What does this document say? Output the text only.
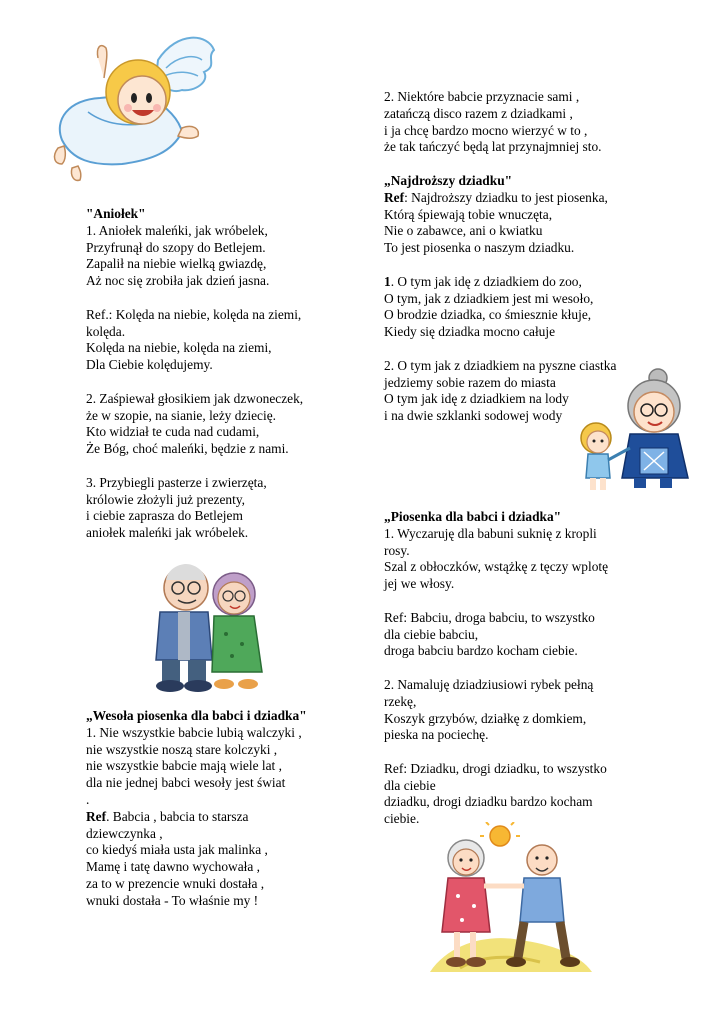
"Aniołek"
1. Aniołek maleńki, jak wróbelek,
Przyfrunął do szopy do Betlejem.
Zapalił na niebie wielką gwiazdę,
Aż noc się zrobiła jak dzień jasna.
Ref.: Kolęda na niebie, kolęda na ziemi,
kolęda.
Kolęda na niebie, kolęda na ziemi,
Dla Ciebie kolędujemy.
2. Zaśpiewał głosikiem jak dzwoneczek,
że w szopie, na sianie, leży dziecię.
Kto widział te cuda nad cudami,
Że Bóg, choć maleńki, będzie z nami.
3. Przybiegli pasterze i zwierzęta,
królowie złożyli już prezenty,
i ciebie zaprasza do Betlejem
aniołek maleńki jak wróbelek.
„Wesoła piosenka dla babci i dziadka"
1. Nie wszystkie babcie lubią walczyki ,
nie wszystkie noszą stare kolczyki ,
nie wszystkie babcie mają wiele lat ,
dla nie jednej babci wesoły jest świat
.
Ref. Babcia , babcia to starsza
dziewczynka ,
co kiedyś miała usta jak malinka ,
Mamę i tatę dawno wychowała ,
za to w prezencie wnuki dostała ,
wnuki dostała - To właśnie my !
2. Niektóre babcie przyznacie sami ,
zatańczą disco razem z dziadkami ,
i ja chcę bardzo mocno wierzyć w to ,
że tak tańczyć będą lat przynajmniej sto.
„Najdroższy dziadku"
Ref: Najdroższy dziadku to jest piosenka,
Którą śpiewają tobie wnuczęta,
Nie o zabawce, ani o kwiatku
To jest piosenka o naszym dziadku.
1. O tym jak idę z dziadkiem do zoo,
O tym, jak z dziadkiem jest mi wesoło,
O brodzie dziadka, co śmiesznie kłuje,
Kiedy się dziadka mocno całuje
2. O tym jak z dziadkiem na pyszne ciastka
jedziemy sobie razem do miasta
O tym jak idę z dziadkiem na lody
i na dwie szklanki sodowej wody
„Piosenka dla babci i dziadka"
1. Wyczaruję dla babuni suknię z kropli
rosy.
Szal z obłoczków, wstążkę z tęczy wplotę
jej we włosy.
Ref: Babciu, droga babciu, to wszystko
dla ciebie babciu,
droga babciu bardzo kocham ciebie.
2. Namaluję dziadziusiowi rybek pełną
rzekę,
Koszyk grzybów, działkę z domkiem,
pieska na pociechę.
Ref: Dziadku, drogi dziadku, to wszystko
dla ciebie
dziadku, drogi dziadku bardzo kocham
ciebie.
